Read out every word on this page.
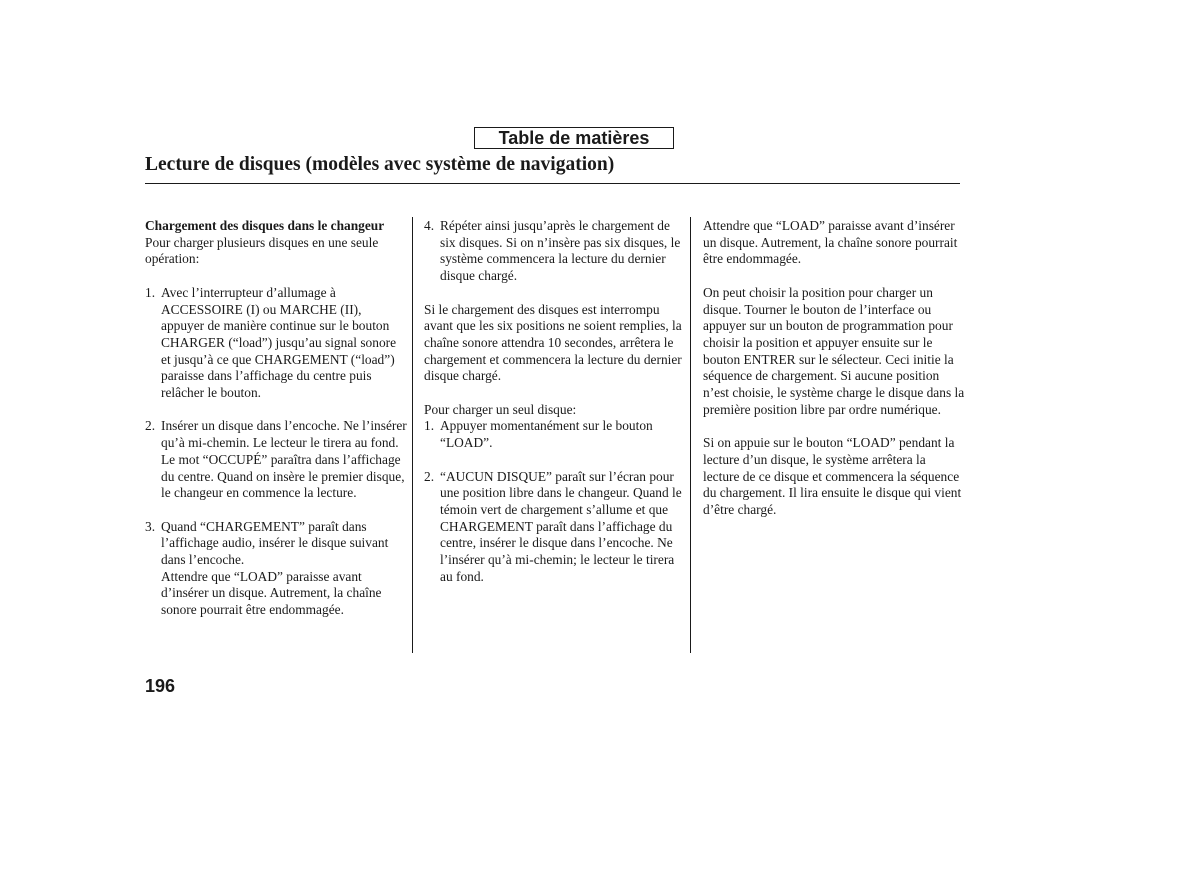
Table de matières
Lecture de disques (modèles avec système de navigation)

Chargement des disques dans le changeur

Pour charger plusieurs disques en une seule opération:

1. Avec l’interrupteur d’allumage à ACCESSOIRE (I) ou MARCHE (II), appuyer de manière continue sur le bouton CHARGER (“load”) jusqu’au signal sonore et jusqu’à ce que CHARGEMENT (“load”) paraisse dans l’affichage du centre puis relâcher le bouton.
2. Insérer un disque dans l’encoche. Ne l’insérer qu’à mi-chemin. Le lecteur le tirera au fond. Le mot “OCCUPÉ” paraîtra dans l’affichage du centre. Quand on insère le premier disque, le changeur en commence la lecture.
3. Quand “CHARGEMENT” paraît dans l’affichage audio, insérer le disque suivant dans l’encoche.

Attendre que “LOAD” paraisse avant d’insérer un disque. Autrement, la chaîne sonore pourrait être endommagée.

4. Répéter ainsi jusqu’après le chargement de six disques. Si on n’insère pas six disques, le système commencera la lecture du dernier disque chargé.

Si le chargement des disques est interrompu avant que les six positions ne soient remplies, la chaîne sonore attendra 10 secondes, arrêtera le chargement et commencera la lecture du dernier disque chargé.

Pour charger un seul disque:

1. Appuyer momentanément sur le bouton “LOAD”.
2. “AUCUN DISQUE” paraît sur l’écran pour une position libre dans le changeur. Quand le témoin vert de chargement s’allume et que CHARGEMENT paraît dans l’affichage du centre, insérer le disque dans l’encoche. Ne l’insérer qu’à mi-chemin; le lecteur le tirera au fond.

Attendre que “LOAD” paraisse avant d’insérer un disque. Autrement, la chaîne sonore pourrait être endommagée.

On peut choisir la position pour charger un disque. Tourner le bouton de l’interface ou appuyer sur un bouton de programmation pour choisir la position et appuyer ensuite sur le bouton ENTRER sur le sélecteur. Ceci initie la séquence de chargement. Si aucune position n’est choisie, le système charge le disque dans la première position libre par ordre numérique.

Si on appuie sur le bouton “LOAD” pendant la lecture d’un disque, le système arrêtera la lecture de ce disque et commencera la séquence du chargement. Il lira ensuite le disque qui vient d’être chargé.

196
